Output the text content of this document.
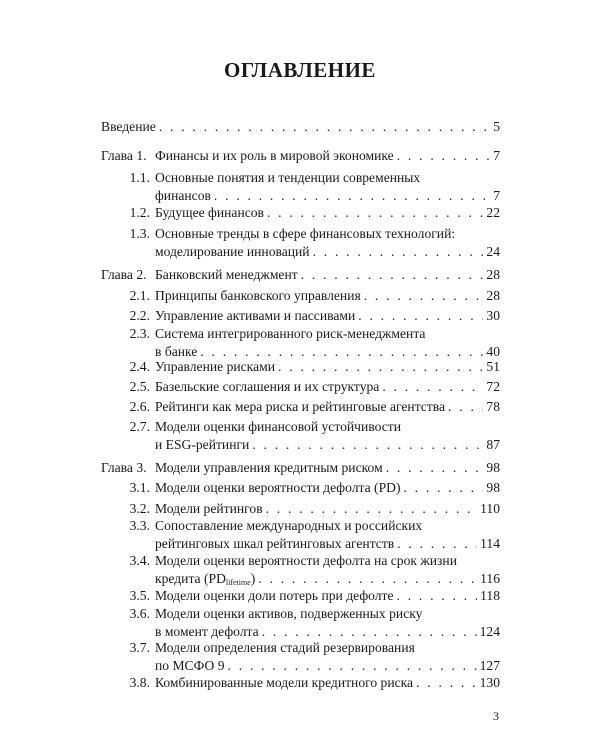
ОГЛАВЛЕНИЕ
Введение . . .	5
Глава 1. Финансы и их роль в мировой экономике . . .	7
1.1. Основные понятия и тенденции современных
финансов . . .	7
1.2. Будущее финансов . . .	22
1.3. Основные тренды в сфере финансовых технологий:
моделирование инноваций . . .	24
Глава 2. Банковский менеджмент . . .	28
2.1. Принципы банковского управления . . .	28
2.2. Управление активами и пассивами . . .	30
2.3. Система интегрированного риск-менеджмента
в банке . . .	40
2.4. Управление рисками . . .	51
2.5. Базельские соглашения и их структура . . .	72
2.6. Рейтинги как мера риска и рейтинговые агентства . . .	78
2.7. Модели оценки финансовой устойчивости
и ESG-рейтинги . . .	87
Глава 3. Модели управления кредитным риском . . .	98
3.1. Модели оценки вероятности дефолта (PD) . . .	98
3.2. Модели рейтингов . . .	110
3.3. Сопоставление международных и российских
рейтинговых шкал рейтинговых агентств . . .	114
3.4. Модели оценки вероятности дефолта на срок жизни
кредита (PDlifetime) . . .	116
3.5. Модели оценки доли потерь при дефолте . . .	118
3.6. Модели оценки активов, подверженных риску
в момент дефолта . . .	124
3.7. Модели определения стадий резервирования
по МСФО 9 . . .	127
3.8. Комбинированные модели кредитного риска . . .	130
3
